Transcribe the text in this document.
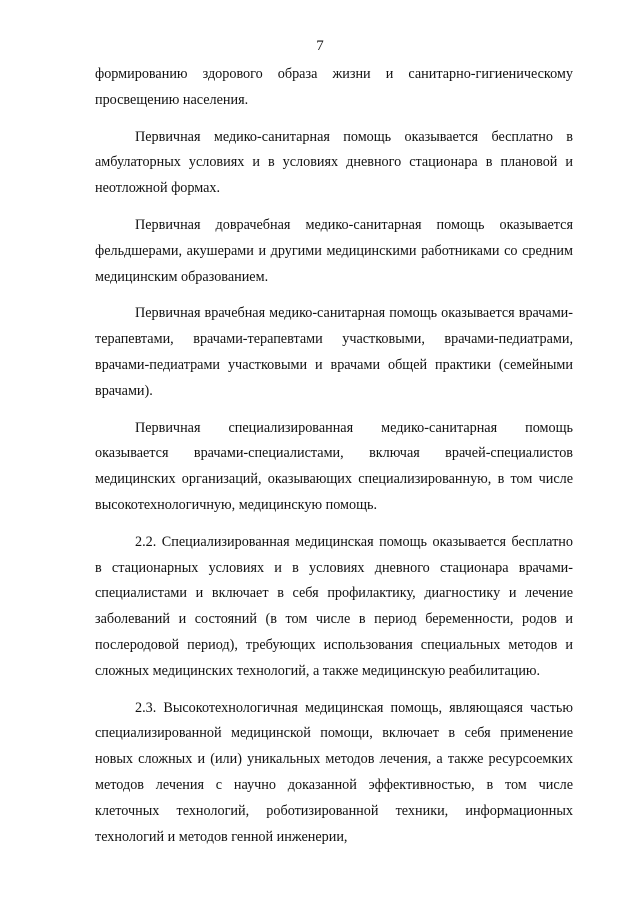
7

формированию здорового образа жизни и санитарно-гигиеническому просвещению населения.

Первичная медико-санитарная помощь оказывается бесплатно в амбулаторных условиях и в условиях дневного стационара в плановой и неотложной формах.

Первичная доврачебная медико-санитарная помощь оказывается фельдшерами, акушерами и другими медицинскими работниками со средним медицинским образованием.

Первичная врачебная медико-санитарная помощь оказывается врачами-терапевтами, врачами-терапевтами участковыми, врачами-педиатрами, врачами-педиатрами участковыми и врачами общей практики (семейными врачами).

Первичная специализированная медико-санитарная помощь оказывается врачами-специалистами, включая врачей-специалистов медицинских организаций, оказывающих специализированную, в том числе высокотехнологичную, медицинскую помощь.

2.2. Специализированная медицинская помощь оказывается бесплатно в стационарных условиях и в условиях дневного стационара врачами-специалистами и включает в себя профилактику, диагностику и лечение заболеваний и состояний (в том числе в период беременности, родов и послеродовой период), требующих использования специальных методов и сложных медицинских технологий, а также медицинскую реабилитацию.

2.3. Высокотехнологичная медицинская помощь, являющаяся частью специализированной медицинской помощи, включает в себя применение новых сложных и (или) уникальных методов лечения, а также ресурсоемких методов лечения с научно доказанной эффективностью, в том числе клеточных технологий, роботизированной техники, информационных технологий и методов генной инженерии,
